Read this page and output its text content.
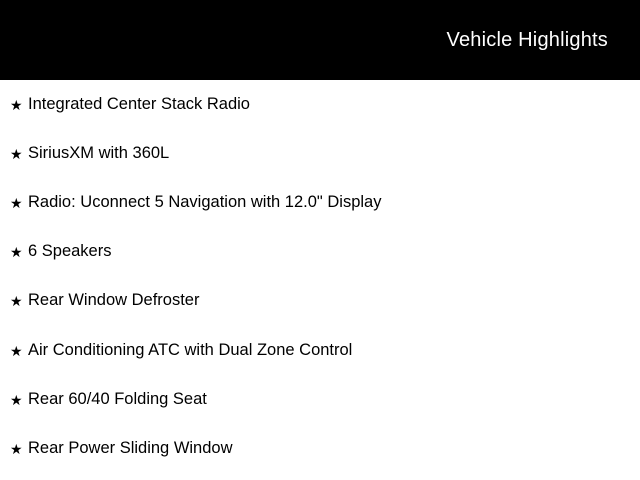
Vehicle Highlights
★ Integrated Center Stack Radio
★ SiriusXM with 360L
★ Radio: Uconnect 5 Navigation with 12.0" Display
★ 6 Speakers
★ Rear Window Defroster
★ Air Conditioning ATC with Dual Zone Control
★ Rear 60/40 Folding Seat
★ Rear Power Sliding Window
